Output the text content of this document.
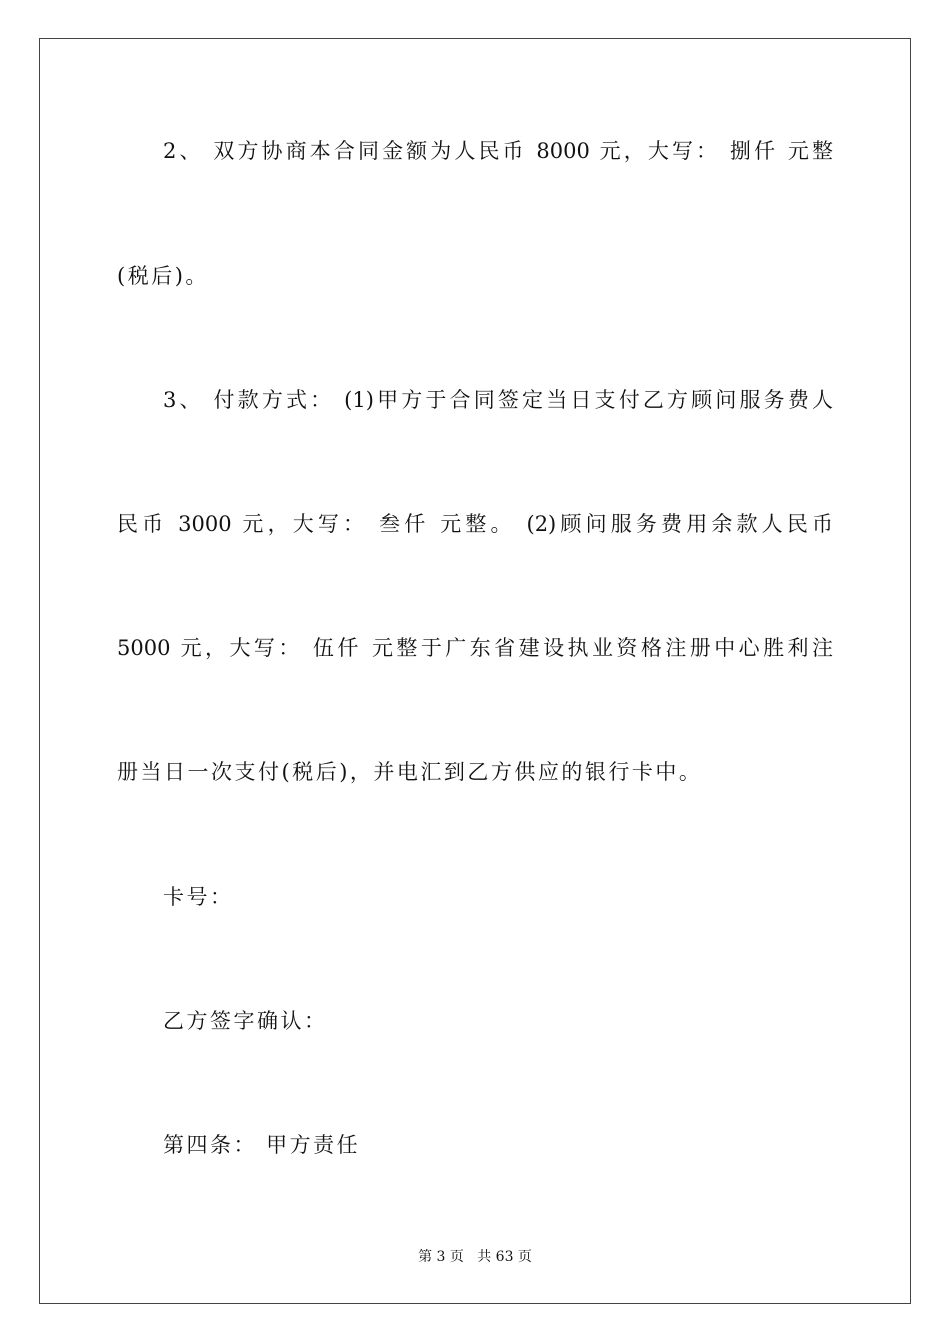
2、 双方协商本合同金额为人民币 8000 元，大写： 捌仟 元整
(税后)。
3、 付款方式： (1)甲方于合同签定当日支付乙方顾问服务费人
民币 3000 元，大写： 叁仟 元整。 (2)顾问服务费用余款人民币
5000 元，大写： 伍仟 元整于广东省建设执业资格注册中心胜利注
册当日一次支付(税后)，并电汇到乙方供应的银行卡中。
卡号：
乙方签字确认：
第四条： 甲方责任
第 3 页   共 63 页
